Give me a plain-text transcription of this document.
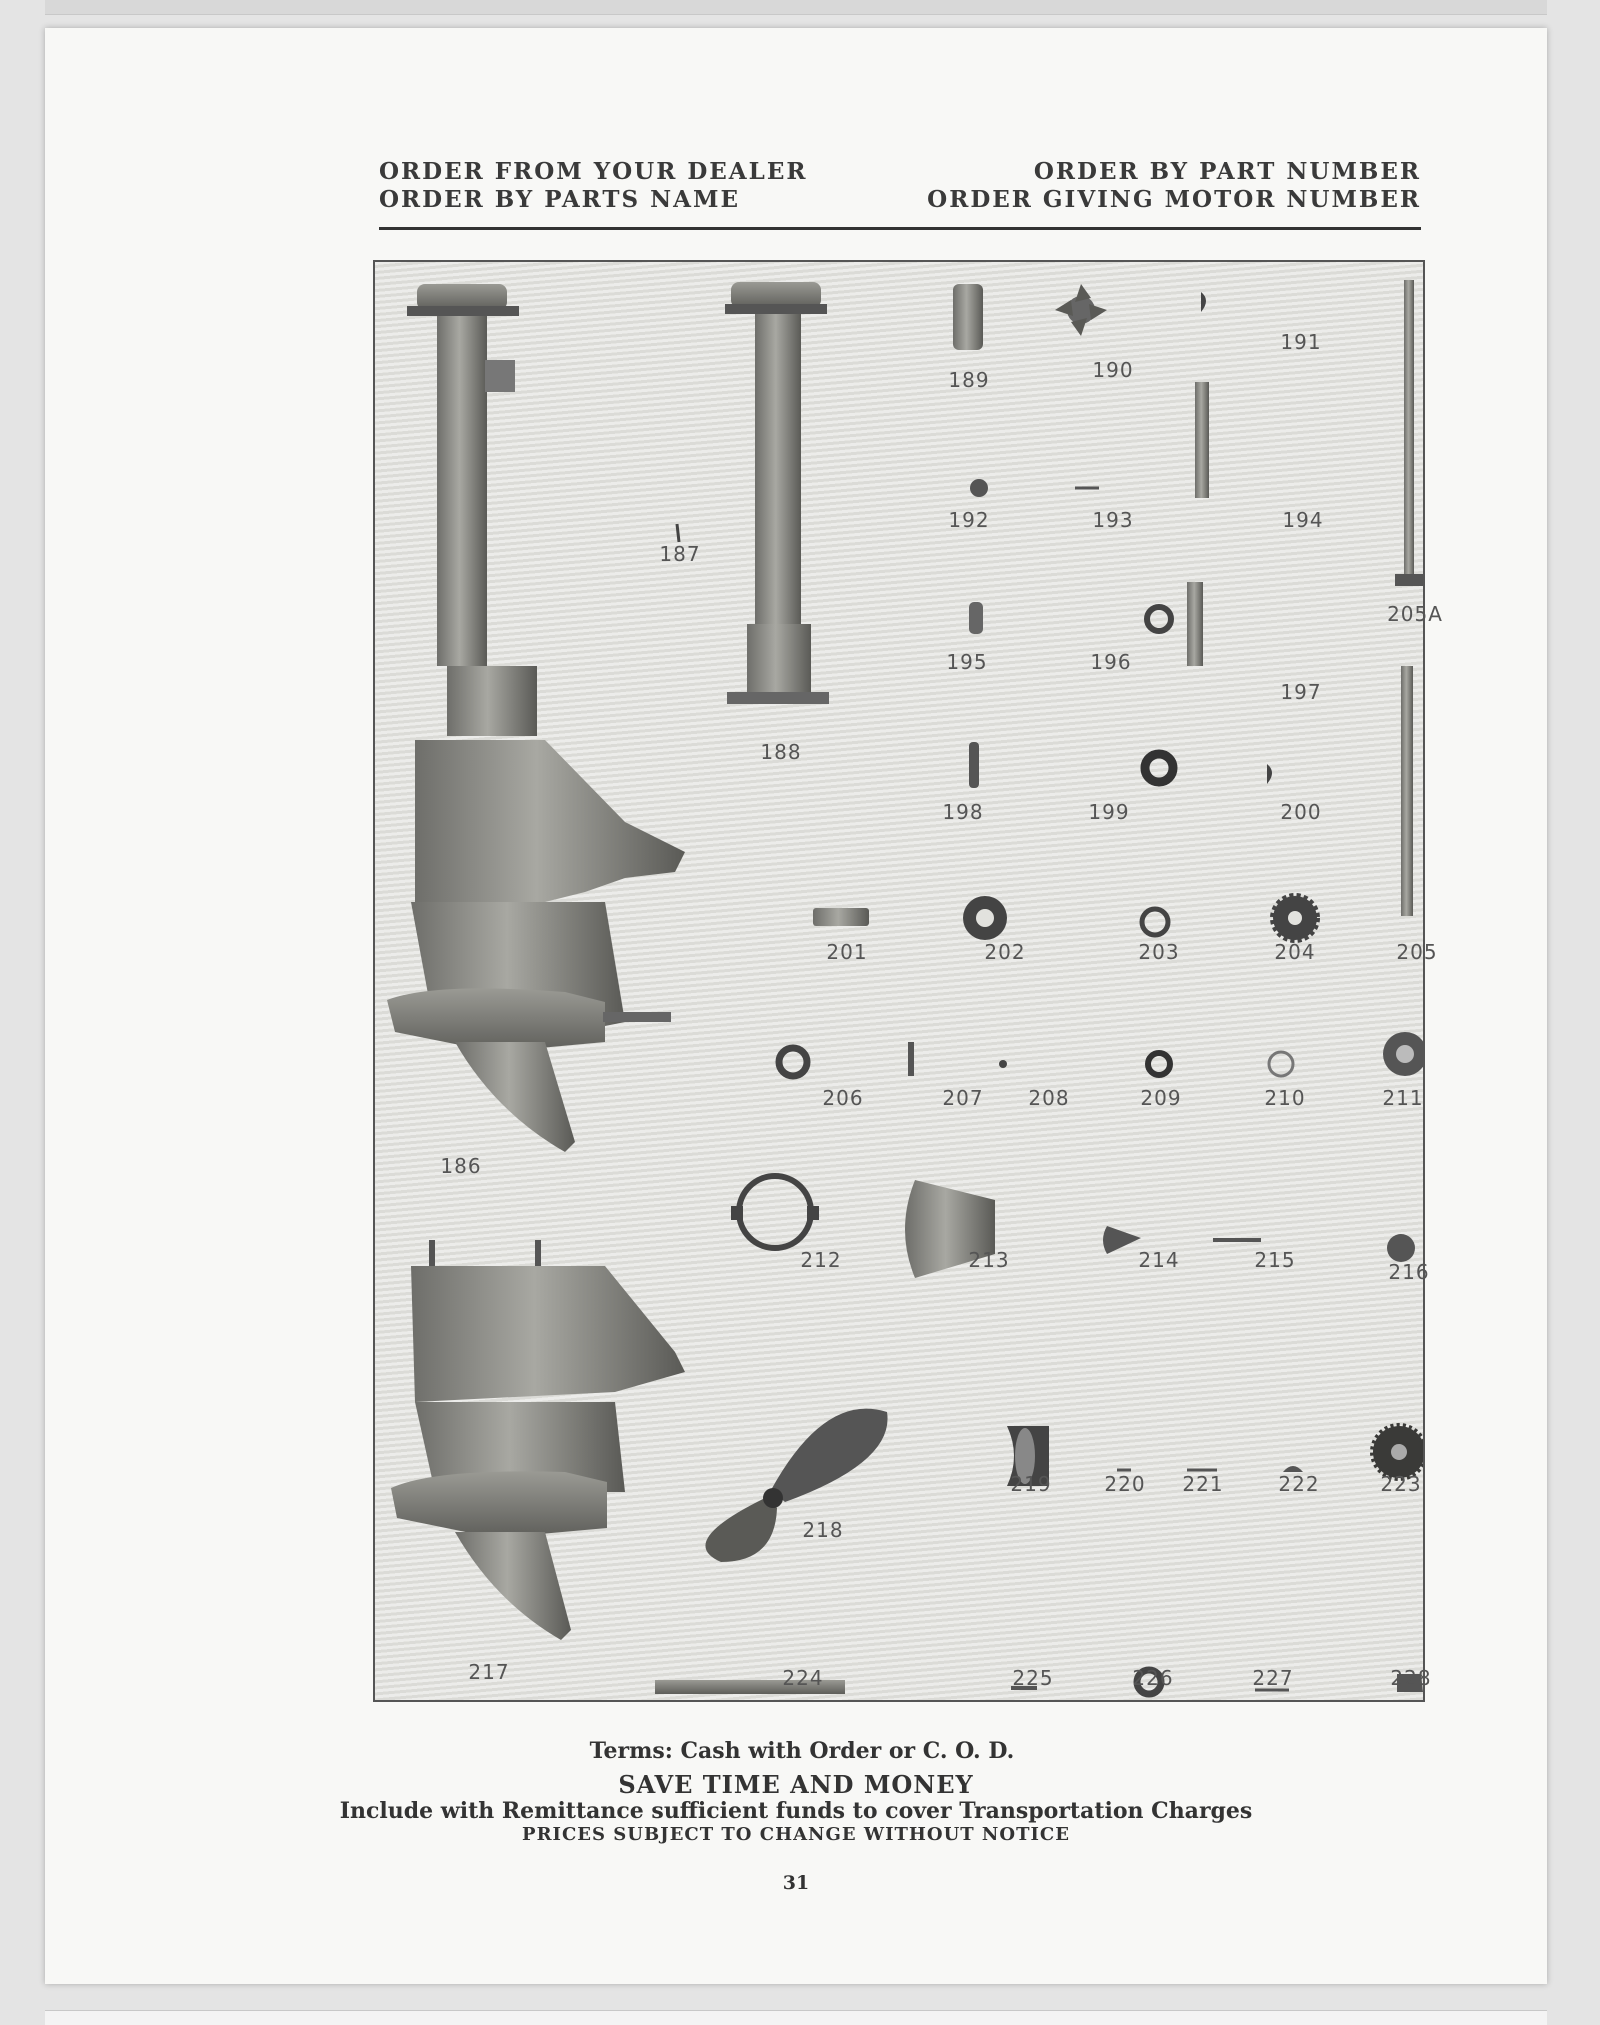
ORDER FROM YOUR DEALER
ORDER BY PARTS NAME
ORDER BY PART NUMBER
ORDER GIVING MOTOR NUMBER
186
187
188
189	190
191
192	193	194
205A
195	196
197
198	199	200
201	202	203	204	205
206	207 208	209	210	211
212	213	214	215	216
217
218
219	220 221	222	223
224	225	226	227	228
Terms: Cash with Order or C. O. D.
SAVE TIME AND MONEY
Include with Remittance sufficient funds to cover Transportation Charges
PRICES SUBJECT TO CHANGE WITHOUT NOTICE
31
